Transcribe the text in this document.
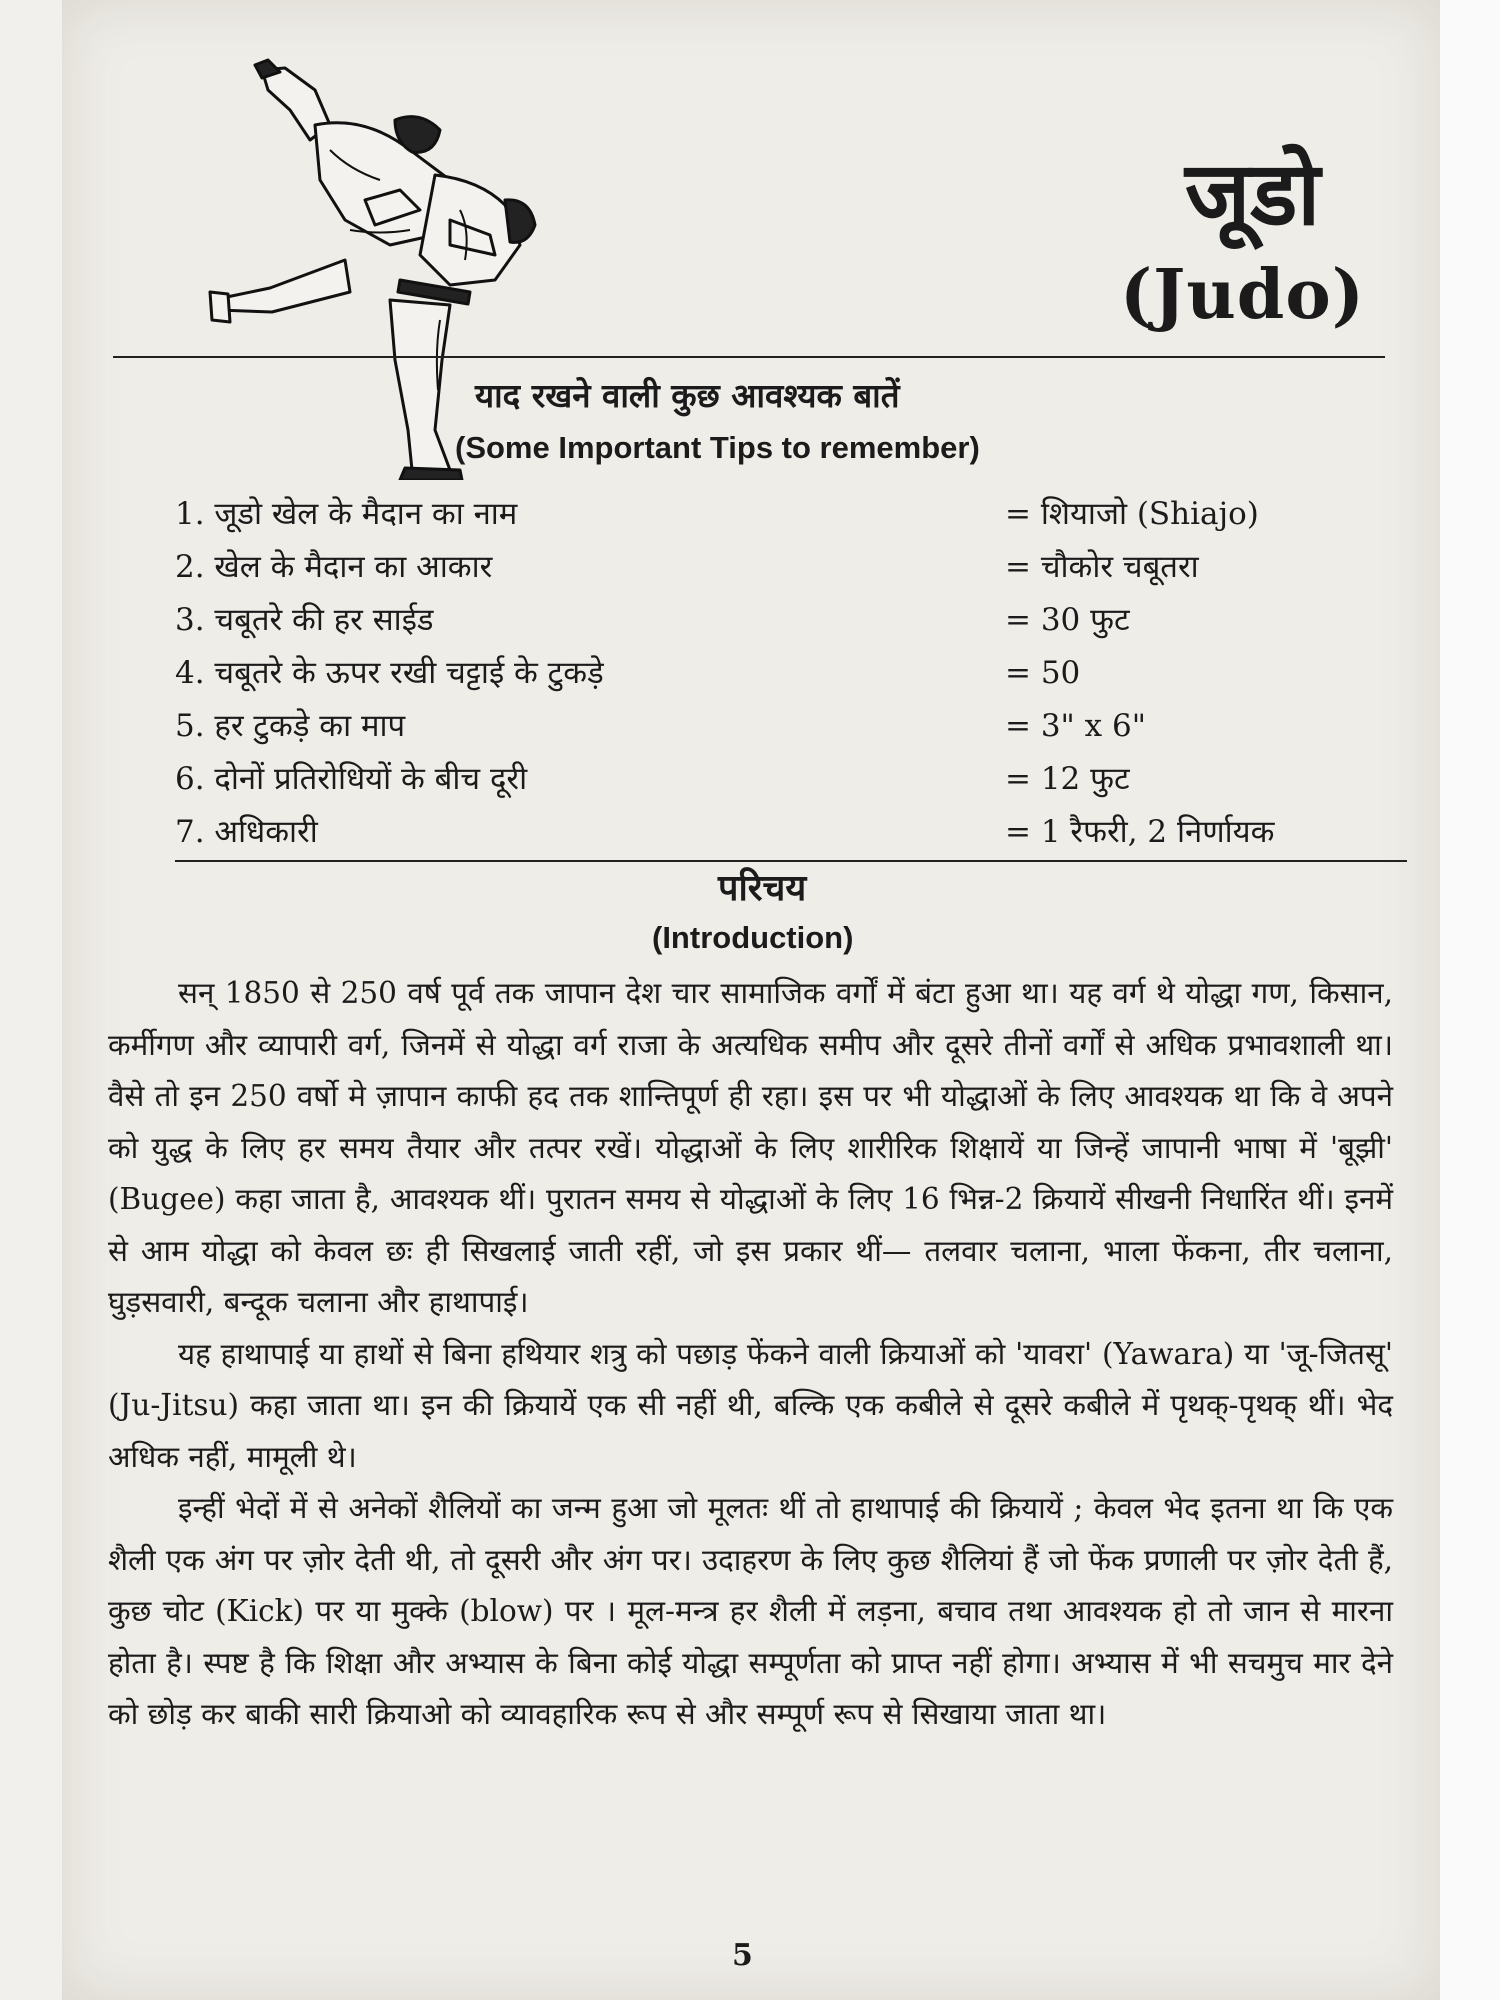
जूडो
(Judo)
याद रखने वाली कुछ आवश्यक बातें
(Some Important Tips to remember)
1. जूडो खेल के मैदान का नाम	= शियाजो (Shiajo)
2. खेल के मैदान का आकार	= चौकोर चबूतरा
3. चबूतरे की हर साईड	= 30 फुट
4. चबूतरे के ऊपर रखी चट्टाई के टुकड़े	= 50
5. हर टुकड़े का माप	= 3" x 6"
6. दोनों प्रतिरोधियों के बीच दूरी	= 12 फुट
7. अधिकारी	= 1 रैफरी, 2 निर्णायक
परिचय
(Introduction)

सन् 1850 से 250 वर्ष पूर्व तक जापान देश चार सामाजिक वर्गों में बंटा हुआ था। यह वर्ग थे योद्धा गण, किसान, कर्मीगण और व्यापारी वर्ग, जिनमें से योद्धा वर्ग राजा के अत्यधिक समीप और दूसरे तीनों वर्गों से अधिक प्रभावशाली था। वैसे तो इन 250 वर्षो मे ज़ापान काफी हद तक शान्तिपूर्ण ही रहा। इस पर भी योद्धाओं के लिए आवश्यक था कि वे अपने को युद्ध के लिए हर समय तैयार और तत्पर रखें। योद्धाओं के लिए शारीरिक शिक्षायें या जिन्हें जापानी भाषा में 'बूझी' (Bugee) कहा जाता है, आवश्यक थीं। पुरातन समय से योद्धाओं के लिए 16 भिन्न-2 क्रियायें सीखनी निधारिंत थीं। इनमें से आम योद्धा को केवल छः ही सिखलाई जाती रहीं, जो इस प्रकार थीं— तलवार चलाना, भाला फेंकना, तीर चलाना, घुड़सवारी, बन्दूक चलाना और हाथापाई।

यह हाथापाई या हाथों से बिना हथियार शत्रु को पछाड़ फेंकने वाली क्रियाओं को 'यावरा' (Yawara) या 'जू-जितसू' (Ju-Jitsu) कहा जाता था। इन की क्रियायें एक सी नहीं थी, बल्कि एक कबीले से दूसरे कबीले में पृथक्-पृथक् थीं। भेद अधिक नहीं, मामूली थे।

इन्हीं भेदों में से अनेकों शैलियों का जन्म हुआ जो मूलतः थीं तो हाथापाई की क्रियायें ; केवल भेद इतना था कि एक शैली एक अंग पर ज़ोर देती थी, तो दूसरी और अंग पर। उदाहरण के लिए कुछ शैलियां हैं जो फेंक प्रणाली पर ज़ोर देती हैं, कुछ चोट (Kick) पर या मुक्के (blow) पर । मूल-मन्त्र हर शैली में लड़ना, बचाव तथा आवश्यक हो तो जान से मारना होता है। स्पष्ट है कि शिक्षा और अभ्यास के बिना कोई योद्धा सम्पूर्णता को प्राप्त नहीं होगा। अभ्यास में भी सचमुच मार देने को छोड़ कर बाकी सारी क्रियाओ को व्यावहारिक रूप से और सम्पूर्ण रूप से सिखाया जाता था।

5
